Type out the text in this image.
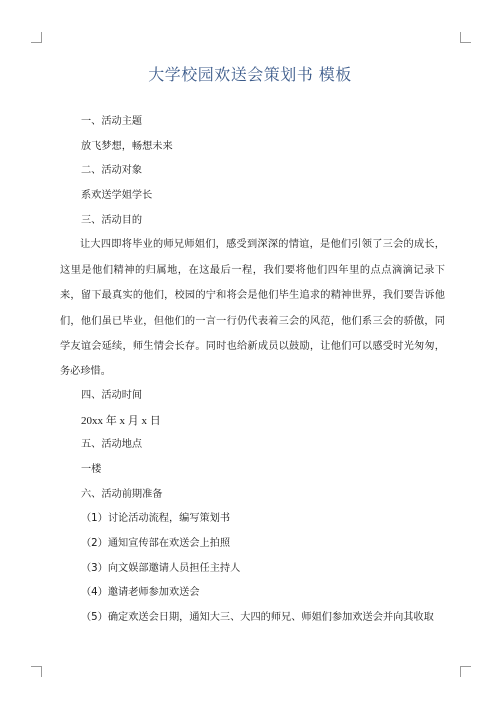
大学校园欢送会策划书 模板
一、活动主题
放飞梦想，畅想未来
二、活动对象
系欢送学姐学长
三、活动目的
让大四即将毕业的师兄师姐们，感受到深深的情谊，是他们引领了三会的成长，这里是他们精神的归属地，在这最后一程，我们要将他们四年里的点点滴滴记录下来，留下最真实的他们，校园的宁和将会是他们毕生追求的精神世界，我们要告诉他们，他们虽已毕业，但他们的一言一行仍代表着三会的风范，他们系三会的骄傲，同学友谊会延续，师生情会长存。同时也给新成员以鼓励，让他们可以感受时光匆匆，务必珍惜。
四、活动时间
20xx 年 x 月 x 日
五、活动地点
一楼
六、活动前期准备
（1）讨论活动流程，编写策划书
（2）通知宣传部在欢送会上拍照
（3）向文娱部邀请人员担任主持人
（4）邀请老师参加欢送会
（5）确定欢送会日期，通知大三、大四的师兄、师姐们参加欢送会并向其收取
